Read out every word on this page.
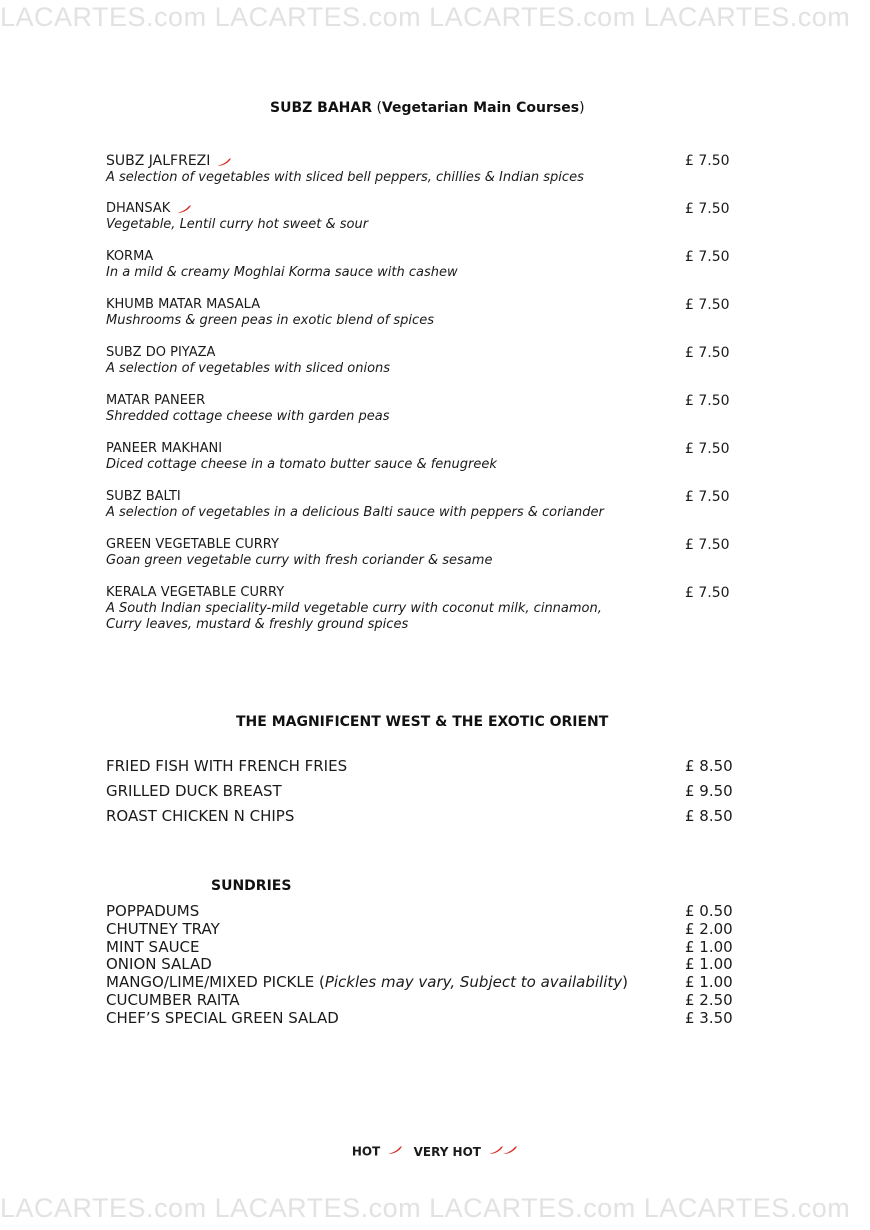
LACARTES.com LACARTES.com LACARTES.com LACARTES.com
SUBZ BAHAR (Vegetarian Main Courses)
SUBZ JALFREZI
A selection of vegetables with sliced bell peppers, chillies & Indian spices
£ 7.50
DHANSAK
Vegetable, Lentil curry hot sweet & sour
£ 7.50
KORMA
In a mild & creamy Moghlai Korma sauce with cashew
£ 7.50
KHUMB MATAR MASALA
Mushrooms & green peas in exotic blend of spices
£ 7.50
SUBZ DO PIYAZA
A selection of vegetables with sliced onions
£ 7.50
MATAR PANEER
Shredded cottage cheese with garden peas
£ 7.50
PANEER MAKHANI
Diced cottage cheese in a tomato butter sauce & fenugreek
£ 7.50
SUBZ BALTI
A selection of vegetables in a delicious Balti sauce with peppers & coriander
£ 7.50
GREEN VEGETABLE CURRY
Goan green vegetable curry with fresh coriander & sesame
£ 7.50
KERALA VEGETABLE CURRY
A South Indian speciality-mild vegetable curry with coconut milk, cinnamon,
Curry leaves, mustard & freshly ground spices
£ 7.50
THE MAGNIFICENT WEST & THE EXOTIC ORIENT
FRIED FISH WITH FRENCH FRIES	£ 8.50
GRILLED DUCK BREAST	£ 9.50
ROAST CHICKEN N CHIPS	£ 8.50
SUNDRIES
POPPADUMS	£ 0.50
CHUTNEY TRAY	£ 2.00
MINT SAUCE	£ 1.00
ONION SALAD	£ 1.00
MANGO/LIME/MIXED PICKLE (Pickles may vary, Subject to availability)	£ 1.00
CUCUMBER RAITA	£ 2.50
CHEF’S SPECIAL GREEN SALAD	£ 3.50
HOT	VERY HOT
LACARTES.com LACARTES.com LACARTES.com LACARTES.com
